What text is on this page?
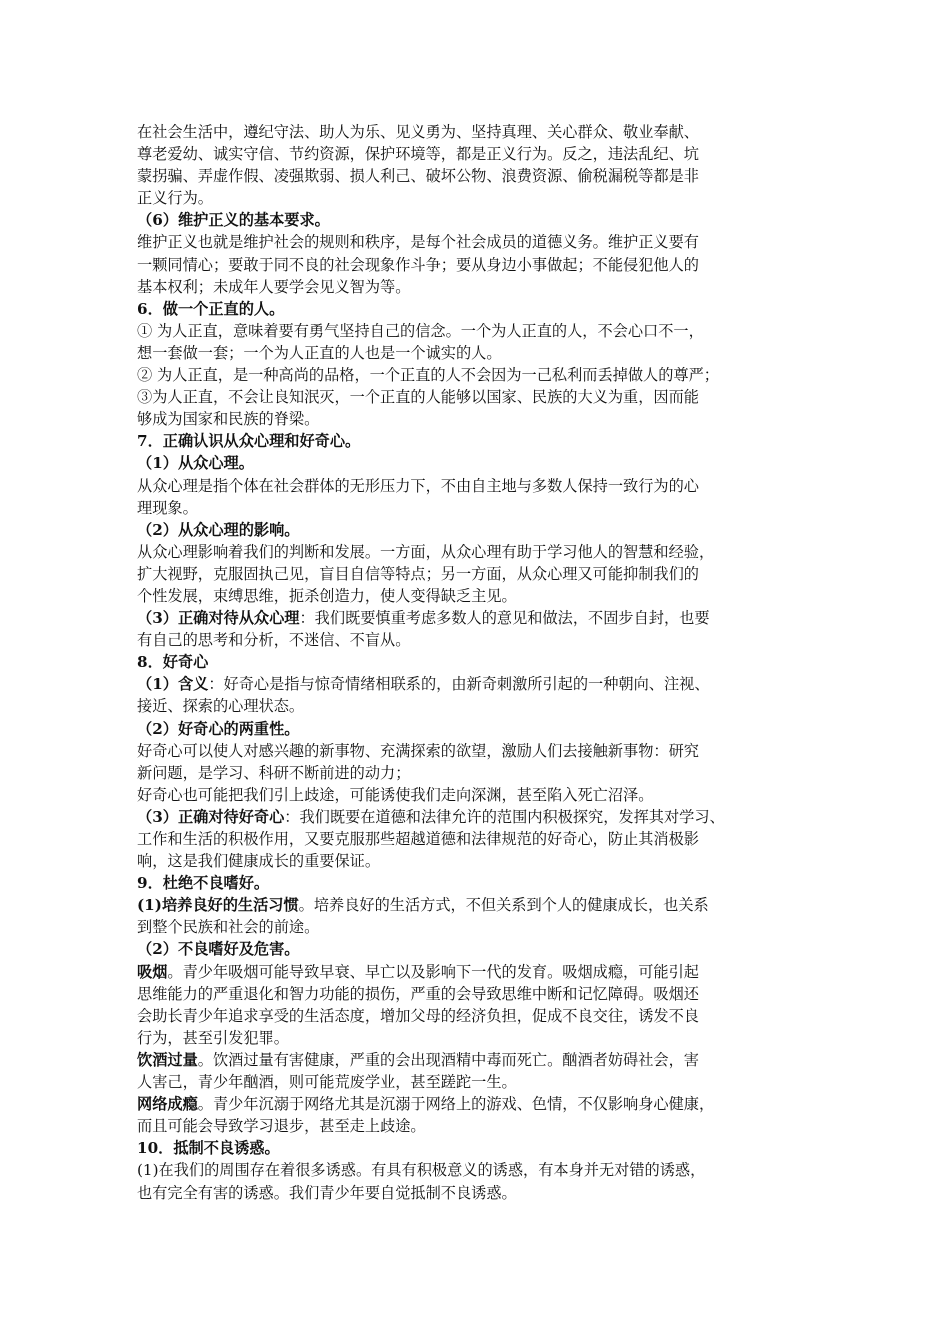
在社会生活中，遵纪守法、助人为乐、见义勇为、坚持真理、关心群众、敬业奉献、

尊老爱幼、诚实守信、节约资源，保护环境等，都是正义行为。反之，违法乱纪、坑

蒙拐骗、弄虚作假、凌强欺弱、损人利己、破坏公物、浪费资源、偷税漏税等都是非

正义行为。

（6）维护正义的基本要求。

维护正义也就是维护社会的规则和秩序，是每个社会成员的道德义务。维护正义要有

一颗同情心；要敢于同不良的社会现象作斗争；要从身边小事做起；不能侵犯他人的

基本权利；未成年人要学会见义智为等。

6．做一个正直的人。

① 为人正直，意味着要有勇气坚持自己的信念。一个为人正直的人，不会心口不一，

想一套做一套；一个为人正直的人也是一个诚实的人。

② 为人正直，是一种高尚的品格，一个正直的人不会因为一己私利而丢掉做人的尊严；

③为人正直，不会让良知泯灭，一个正直的人能够以国家、民族的大义为重，因而能

够成为国家和民族的脊梁。

7．正确认识从众心理和好奇心。

（1）从众心理。

从众心理是指个体在社会群体的无形压力下，不由自主地与多数人保持一致行为的心

理现象。

（2）从众心理的影响。

从众心理影响着我们的判断和发展。一方面，从众心理有助于学习他人的智慧和经验，

扩大视野，克服固执己见，盲目自信等特点；另一方面，从众心理又可能抑制我们的

个性发展，束缚思维，扼杀创造力，使人变得缺乏主见。

（3）正确对待从众心理：我们既要慎重考虑多数人的意见和做法，不固步自封，也要

有自己的思考和分析，不迷信、不盲从。

8．好奇心

（1）含义：好奇心是指与惊奇情绪相联系的，由新奇刺激所引起的一种朝向、注视、

接近、探索的心理状态。

（2）好奇心的两重性。

好奇心可以使人对感兴趣的新事物、充满探索的欲望，激励人们去接触新事物：研究

新问题，是学习、科研不断前进的动力；

好奇心也可能把我们引上歧途，可能诱使我们走向深渊，甚至陷入死亡沼泽。

（3）正确对待好奇心：我们既要在道德和法律允许的范围内积极探究，发挥其对学习、

工作和生活的积极作用，又要克服那些超越道德和法律规范的好奇心，防止其消极影

响，这是我们健康成长的重要保证。

9．杜绝不良嗜好。

(1)培养良好的生活习惯。培养良好的生活方式，不但关系到个人的健康成长，也关系

到整个民族和社会的前途。

（2）不良嗜好及危害。

吸烟。青少年吸烟可能导致早衰、早亡以及影响下一代的发育。吸烟成瘾，可能引起

思维能力的严重退化和智力功能的损伤，严重的会导致思维中断和记忆障碍。吸烟还

会助长青少年追求享受的生活态度，增加父母的经济负担，促成不良交往，诱发不良

行为，甚至引发犯罪。

饮酒过量。饮酒过量有害健康，严重的会出现酒精中毒而死亡。酗酒者妨碍社会，害

人害己，青少年酗酒，则可能荒废学业，甚至蹉跎一生。

网络成瘾。青少年沉溺于网络尤其是沉溺于网络上的游戏、色情，不仅影响身心健康，

而且可能会导致学习退步，甚至走上歧途。

10．抵制不良诱惑。

(1)在我们的周围存在着很多诱惑。有具有积极意义的诱惑，有本身并无对错的诱惑，

也有完全有害的诱惑。我们青少年要自觉抵制不良诱惑。
